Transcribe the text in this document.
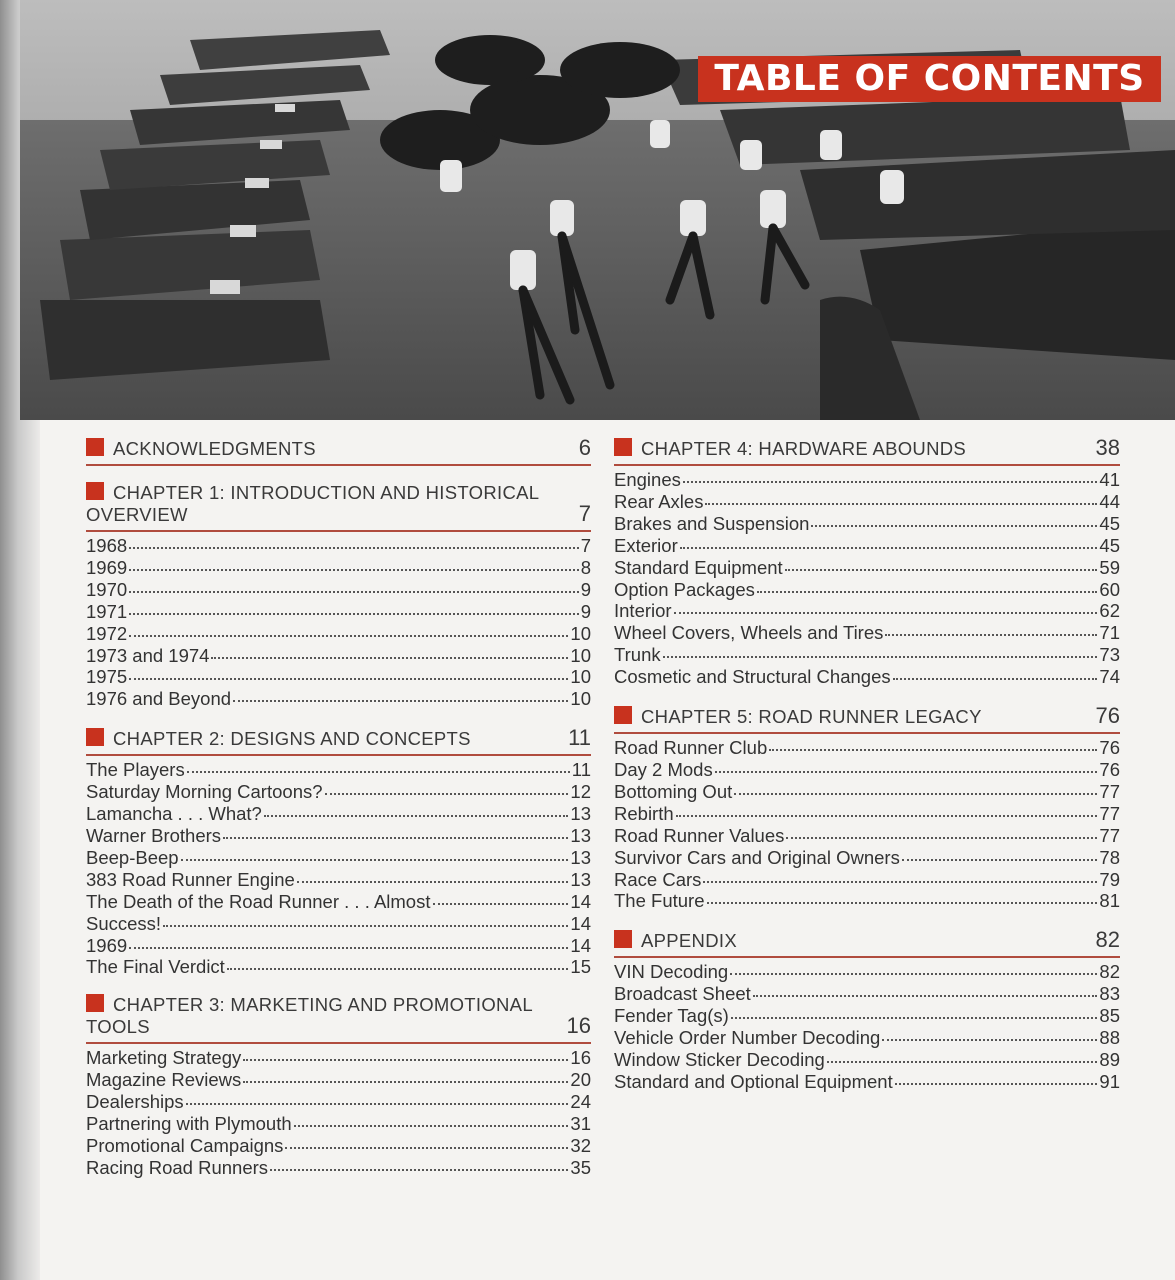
TABLE OF CONTENTS
ACKNOWLEDGMENTS	6
CHAPTER 1: INTRODUCTION AND HISTORICAL OVERVIEW	7
1968	7
1969	8
1970	9
1971	9
1972	10
1973 and 1974	10
1975	10
1976 and Beyond	10
CHAPTER 2: DESIGNS AND CONCEPTS	11
The Players	11
Saturday Morning Cartoons?	12
Lamancha . . . What?	13
Warner Brothers	13
Beep-Beep	13
383 Road Runner Engine	13
The Death of the Road Runner . . . Almost	14
Success!	14
1969	14
The Final Verdict	15
CHAPTER 3: MARKETING AND PROMOTIONAL TOOLS	16
Marketing Strategy	16
Magazine Reviews	20
Dealerships	24
Partnering with Plymouth	31
Promotional Campaigns	32
Racing Road Runners	35
CHAPTER 4: HARDWARE ABOUNDS	38
Engines	41
Rear Axles	44
Brakes and Suspension	45
Exterior	45
Standard Equipment	59
Option Packages	60
Interior	62
Wheel Covers, Wheels and Tires	71
Trunk	73
Cosmetic and Structural Changes	74
CHAPTER 5: ROAD RUNNER LEGACY	76
Road Runner Club	76
Day 2 Mods	76
Bottoming Out	77
Rebirth	77
Road Runner Values	77
Survivor Cars and Original Owners	78
Race Cars	79
The Future	81
APPENDIX	82
VIN Decoding	82
Broadcast Sheet	83
Fender Tag(s)	85
Vehicle Order Number Decoding	88
Window Sticker Decoding	89
Standard and Optional Equipment	91
